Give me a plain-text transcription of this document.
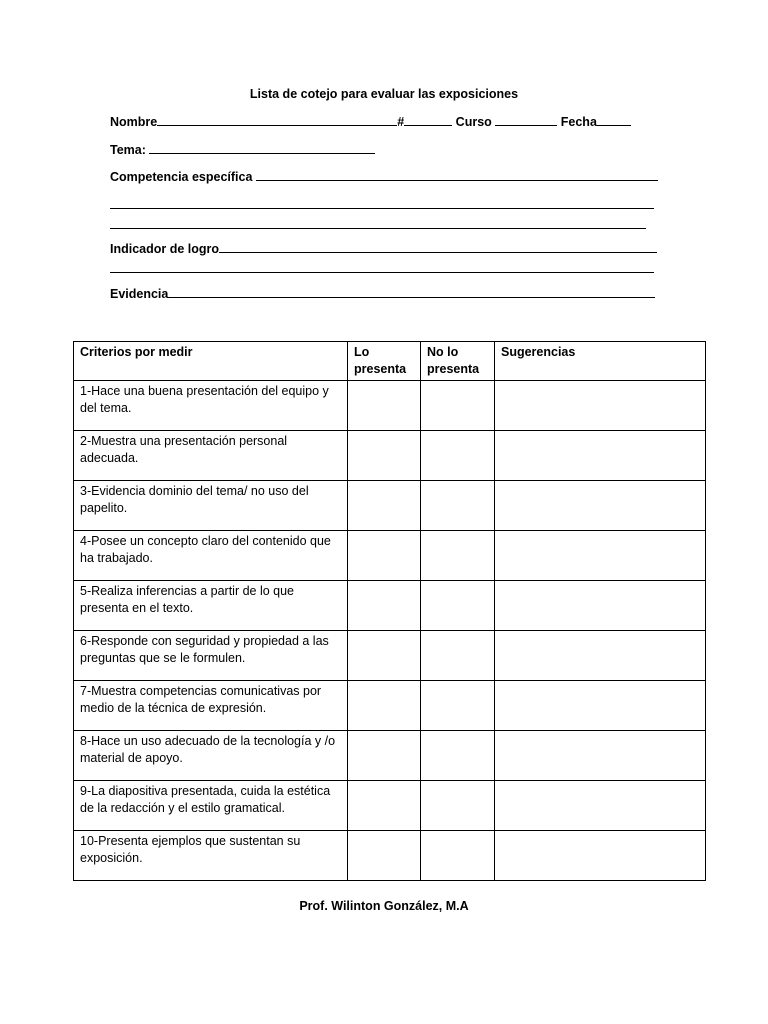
Lista de cotejo para evaluar las exposiciones
Nombre	#	Curso	Fecha
Tema:
Competencia específica
Indicador de logro
Evidencia
Criterios por medir	Lo presenta	No lo presenta	Sugerencias
1-Hace una buena presentación del equipo y del tema.			
2-Muestra una presentación personal adecuada.			
3-Evidencia dominio del tema/ no uso del papelito.			
4-Posee un concepto claro del contenido que ha trabajado.			
5-Realiza inferencias a partir de lo que presenta en el texto.			
6-Responde con seguridad y propiedad a las preguntas que se le formulen.			
7-Muestra competencias comunicativas por medio de la técnica de expresión.			
8-Hace un uso adecuado de la tecnología y /o material de apoyo.			
9-La diapositiva presentada, cuida la estética de la redacción y el estilo gramatical.			
10-Presenta ejemplos que sustentan su exposición.			
Prof. Wilinton González, M.A
